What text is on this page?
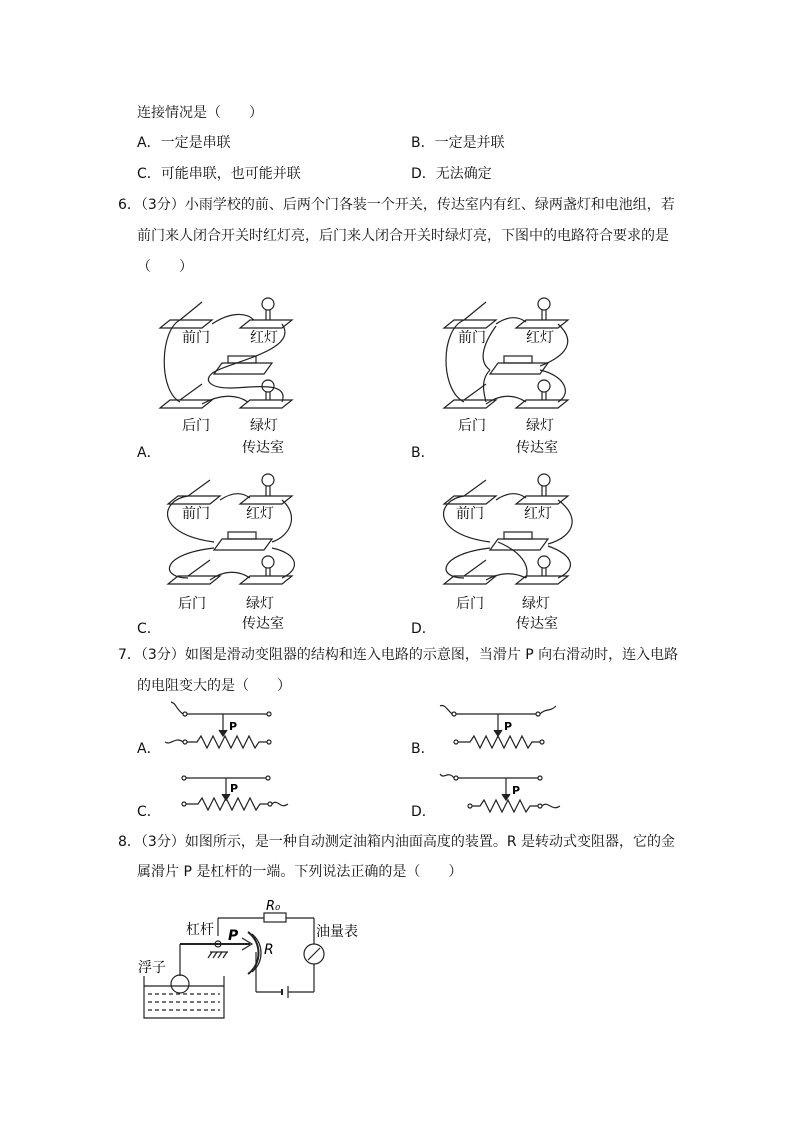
连接情况是（　　）
A．一定是串联	B．一定是并联
C．可能串联，也可能并联	D．无法确定
6．（3分）小雨学校的前、后两个门各装一个开关，传达室内有红、绿两盏灯和电池组，若
前门来人闭合开关时红灯亮，后门来人闭合开关时绿灯亮，下图中的电路符合要求的是
（　　）
A．
前门	红灯
后门	绿灯
传达室	B．
前门	红灯
后门	绿灯
传达室
C．
前门	红灯
后门	绿灯
传达室	D．
前门	红灯
后门	绿灯
传达室
7．（3分）如图是滑动变阻器的结构和连入电路的示意图，当滑片 P 向右滑动时，连入电路
的电阻变大的是（　　）
A．
P
B．
P
C．
P
D．
P
8．（3分）如图所示，是一种自动测定油箱内油面高度的装置。R 是转动式变阻器，它的金
属滑片 P 是杠杆的一端。下列说法正确的是（　　）
R₀
杠杆 P
R
油量表
浮子
